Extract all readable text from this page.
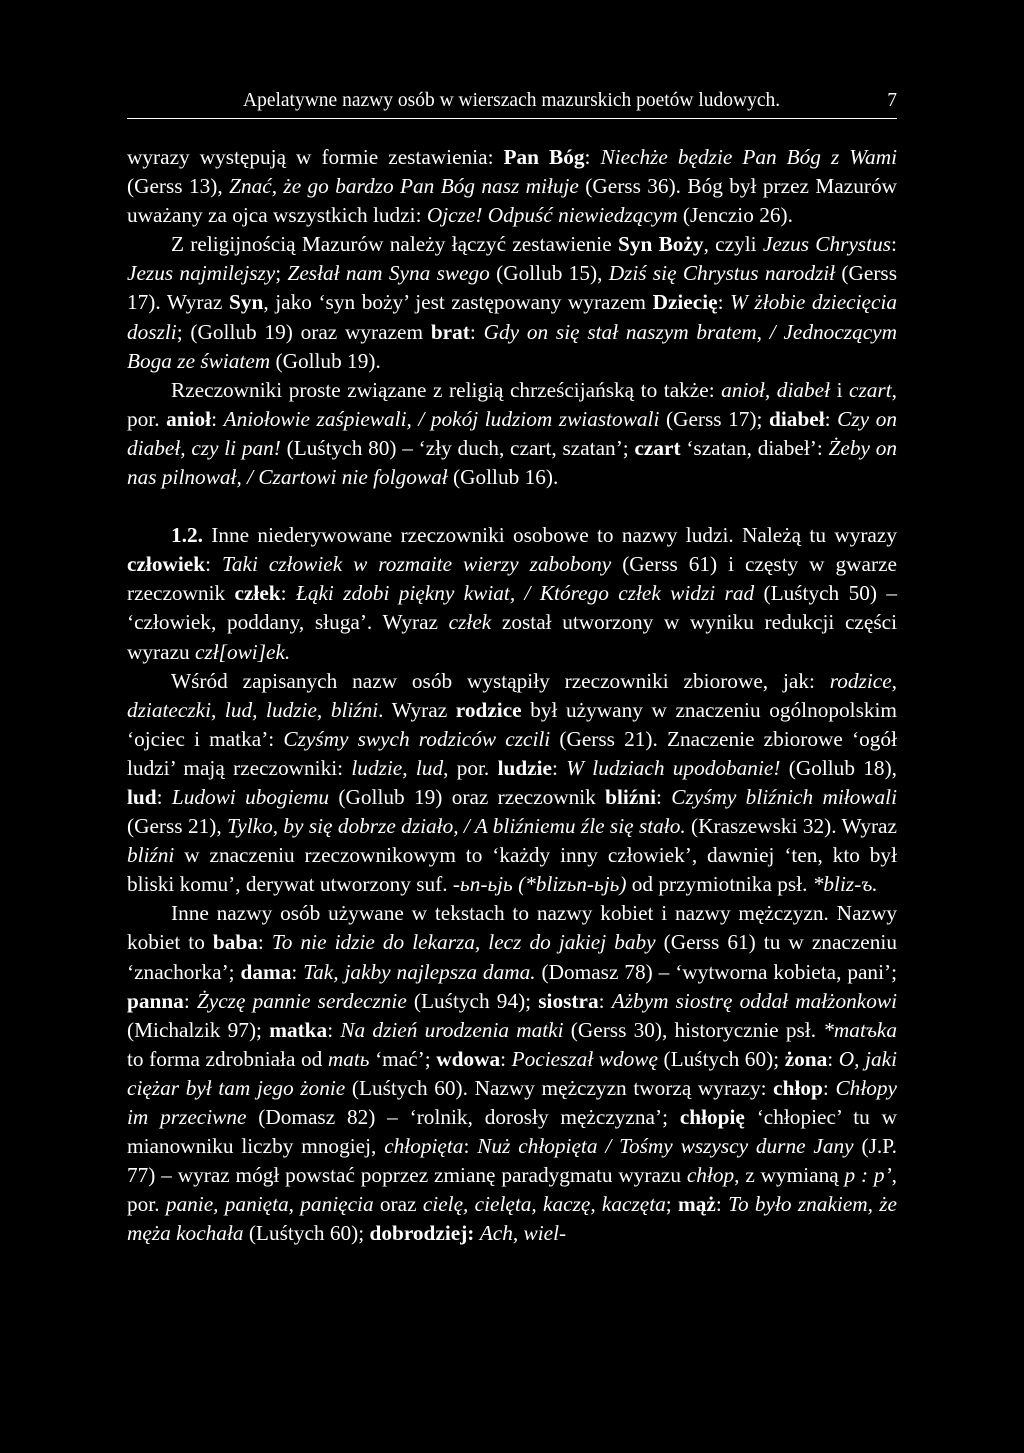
Apelatywne nazwy osób w wierszach mazurskich poetów ludowych.	7

wyrazy występują w formie zestawienia: Pan Bóg: Niechże będzie Pan Bóg z Wami (Gerss 13), Znać, że go bardzo Pan Bóg nasz miłuje (Gerss 36). Bóg był przez Mazurów uważany za ojca wszystkich ludzi: Ojcze! Odpuść niewiedzącym (Jenczio 26).

Z religijnością Mazurów należy łączyć zestawienie Syn Boży, czyli Jezus Chrystus: Jezus najmilejszy; Zesłał nam Syna swego (Gollub 15), Dziś się Chrystus narodził (Gerss 17). Wyraz Syn, jako ‘syn boży’ jest zastępowany wyrazem Dziecię: W żłobie dziecięcia doszli; (Gollub 19) oraz wyrazem brat: Gdy on się stał naszym bratem, / Jednoczącym Boga ze światem (Gollub 19).

Rzeczowniki proste związane z religią chrześcijańską to także: anioł, diabeł i czart, por. anioł: Aniołowie zaśpiewali, / pokój ludziom zwiastowali (Gerss 17); diabeł: Czy on diabeł, czy li pan! (Luśtych 80) – ‘zły duch, czart, szatan’; czart ‘szatan, diabeł’: Żeby on nas pilnował, / Czartowi nie folgował (Gollub 16).

1.2. Inne niederywowane rzeczowniki osobowe to nazwy ludzi. Należą tu wyrazy człowiek: Taki człowiek w rozmaite wierzy zabobony (Gerss 61) i częsty w gwarze rzeczownik człek: Łąki zdobi piękny kwiat, / Którego człek widzi rad (Luśtych 50) – ‘człowiek, poddany, sługa’. Wyraz człek został utworzony w wyniku redukcji części wyrazu czł[owi]ek.

Wśród zapisanych nazw osób wystąpiły rzeczowniki zbiorowe, jak: rodzice, dziateczki, lud, ludzie, bliźni. Wyraz rodzice był używany w znaczeniu ogólnopolskim ‘ojciec i matka’: Czyśmy swych rodziców czcili (Gerss 21). Znaczenie zbiorowe ‘ogół ludzi’ mają rzeczowniki: ludzie, lud, por. ludzie: W ludziach upodobanie! (Gollub 18), lud: Ludowi ubogiemu (Gollub 19) oraz rzeczownik bliźni: Czyśmy bliźnich miłowali (Gerss 21), Tylko, by się dobrze działo, / A bliźniemu źle się stało. (Kraszewski 32). Wyraz bliźni w znaczeniu rzeczownikowym to ‘każdy inny człowiek’, dawniej ‘ten, kto był bliski komu’, derywat utworzony suf. -ьn-ьjь (*blizьn-ьjь) od przymiotnika psł. *bliz-ъ.

Inne nazwy osób używane w tekstach to nazwy kobiet i nazwy mężczyzn. Nazwy kobiet to baba: To nie idzie do lekarza, lecz do jakiej baby (Gerss 61) tu w znaczeniu ‘znachorka’; dama: Tak, jakby najlepsza dama. (Domasz 78) – ‘wytworna kobieta, pani’; panna: Życzę pannie serdecznie (Luśtych 94); siostra: Ażbym siostrę oddał małżonkowi (Michalzik 97); matka: Na dzień urodzenia matki (Gerss 30), historycznie psł. *matъka to forma zdrobniała od matь ‘mać’; wdowa: Pocieszał wdowę (Luśtych 60); żona: O, jaki ciężar był tam jego żonie (Luśtych 60). Nazwy mężczyzn tworzą wyrazy: chłop: Chłopy im przeciwne (Domasz 82) – ‘rolnik, dorosły mężczyzna’; chłopię ‘chłopiec’ tu w mianowniku liczby mnogiej, chłopięta: Nuż chłopięta / Tośmy wszyscy durne Jany (J.P. 77) – wyraz mógł powstać poprzez zmianę paradygmatu wyrazu chłop, z wymianą p : p’, por. panie, panięta, panięcia oraz cielę, cielęta, kaczę, kaczęta; mąż: To było znakiem, że męża kochała (Luśtych 60); dobrodziej: Ach, wiel-
